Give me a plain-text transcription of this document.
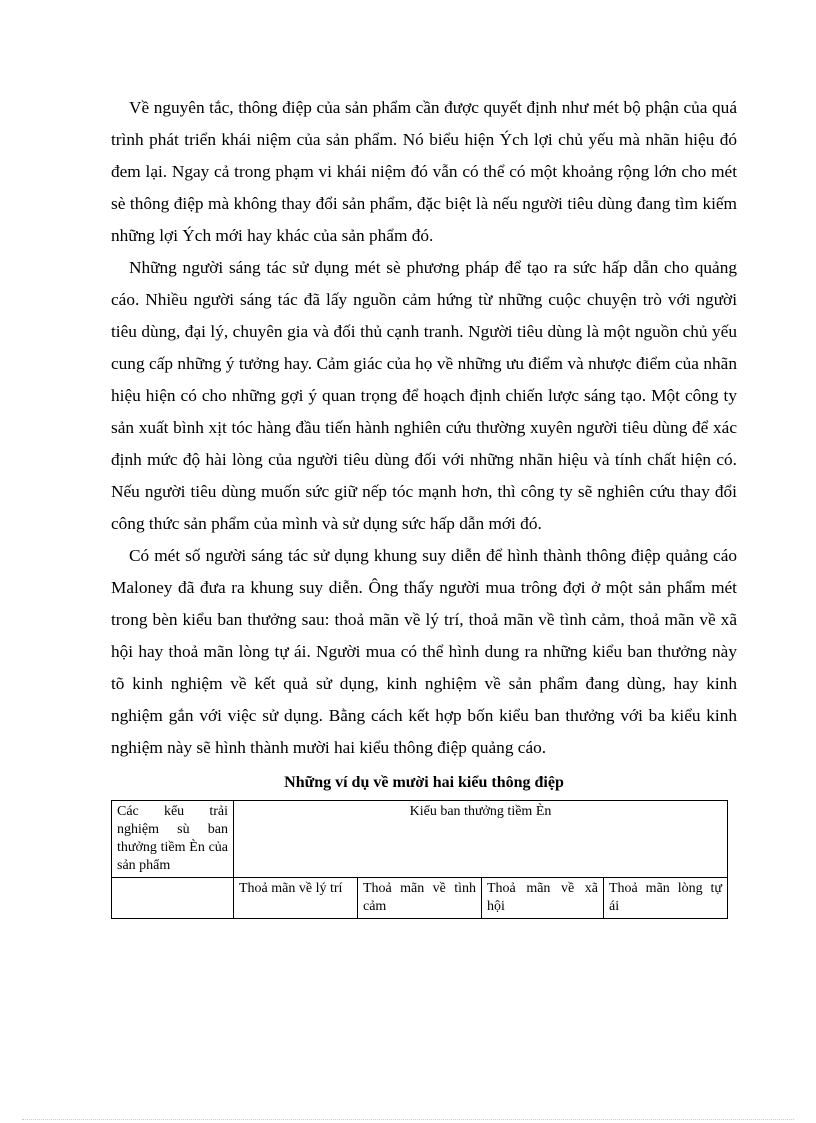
Về nguyên tắc, thông điệp của sản phẩm cần được quyết định như mét bộ phận của quá trình phát triển khái niệm của sản phẩm. Nó biểu hiện Ých lợi chủ yếu mà nhãn hiệu đó đem lại. Ngay cả trong phạm vi khái niệm đó vẫn có thể có một khoảng rộng lớn cho mét sè thông điệp mà không thay đổi sản phẩm, đặc biệt là nếu người tiêu dùng đang tìm kiếm những lợi Ých mới hay khác của sản phẩm đó.

Những người sáng tác sử dụng mét sè phương pháp để tạo ra sức hấp dẫn cho quảng cáo. Nhiều người sáng tác đã lấy nguồn cảm hứng từ những cuộc chuyện trò với người tiêu dùng, đại lý, chuyên gia và đối thủ cạnh tranh. Người tiêu dùng là một nguồn chủ yếu cung cấp những ý tưởng hay. Cảm giác của họ về những ưu điểm và nhược điểm của nhãn hiệu hiện có cho những gợi ý quan trọng để hoạch định chiến lược sáng tạo. Một công ty sản xuất bình xịt tóc hàng đầu tiến hành nghiên cứu thường xuyên người tiêu dùng để xác định mức độ hài lòng của người tiêu dùng đối với những nhãn hiệu và tính chất hiện có. Nếu người tiêu dùng muốn sức giữ nếp tóc mạnh hơn, thì công ty sẽ nghiên cứu thay đổi công thức sản phẩm của mình và sử dụng sức hấp dẫn mới đó.

Có mét số người sáng tác sử dụng khung suy diễn để hình thành thông điệp quảng cáo Maloney đã đưa ra khung suy diễn. Ông thấy người mua trông đợi ở một sản phẩm mét trong bèn kiểu ban thưởng sau: thoả mãn về lý trí, thoả mãn về tình cảm, thoả mãn về xã hội hay thoả mãn lòng tự ái. Người mua có thể hình dung ra những kiểu ban thưởng này tõ kinh nghiệm về kết quả sử dụng, kinh nghiệm về sản phẩm đang dùng, hay kinh nghiệm gắn với việc sử dụng. Bằng cách kết hợp bốn kiểu ban thưởng với ba kiểu kinh nghiệm này sẽ hình thành mười hai kiểu thông điệp quảng cáo.

Những ví dụ về mười hai kiểu thông điệp
Các kểu trải nghiệm sù ban thưởng tiềm Èn của sản phẩm	Kiểu ban thưởng tiềm Èn			
	Thoả mãn về lý trí	Thoả mãn về tình cảm	Thoả mãn về xã hội	Thoả mãn lòng tự ái
